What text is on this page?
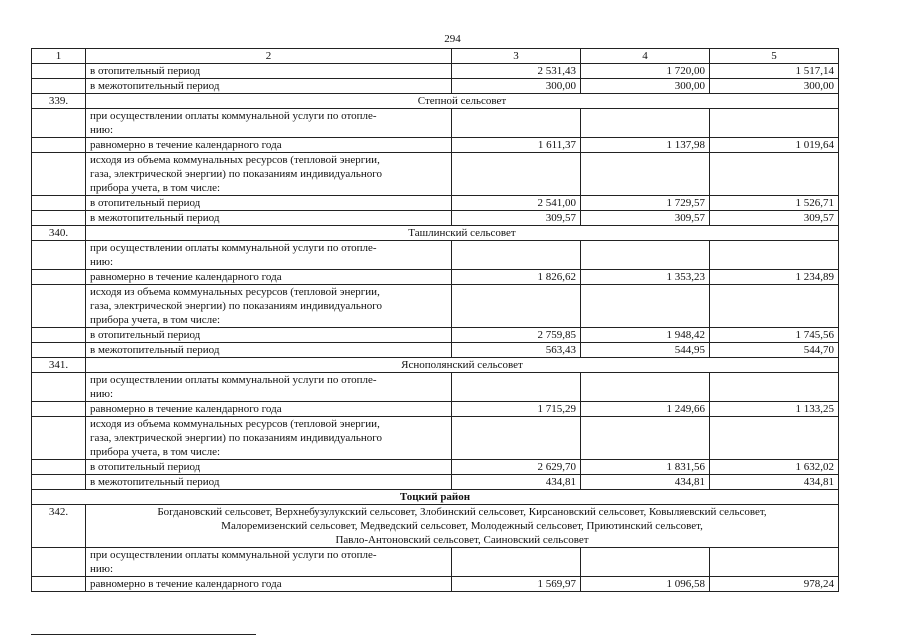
294
1	2	3	4	5
	в отопительный период	2 531,43	1 720,00	1 517,14
	в межотопительный период	300,00	300,00	300,00
339.	Степной сельсовет			

	при осуществлении оплаты коммунальной услуги по отопле-
нию:			

	равномерно в течение календарного года	1 611,37	1 137,98	1 019,64

	исходя из объема коммунальных ресурсов (тепловой энергии,
газа, электрической энергии) по показаниям индивидуального
прибора учета, в том числе:			

	в отопительный период	2 541,00	1 729,57	1 526,71
	в межотопительный период	309,57	309,57	309,57
340.	Ташлинский сельсовет			

	при осуществлении оплаты коммунальной услуги по отопле-
нию:			

	равномерно в течение календарного года	1 826,62	1 353,23	1 234,89

	исходя из объема коммунальных ресурсов (тепловой энергии,
газа, электрической энергии) по показаниям индивидуального
прибора учета, в том числе:			

	в отопительный период	2 759,85	1 948,42	1 745,56
	в межотопительный период	563,43	544,95	544,70
341.	Яснополянский сельсовет			

	при осуществлении оплаты коммунальной услуги по отопле-
нию:			

	равномерно в течение календарного года	1 715,29	1 249,66	1 133,25

	исходя из объема коммунальных ресурсов (тепловой энергии,
газа, электрической энергии) по показаниям индивидуального
прибора учета, в том числе:			

	в отопительный период	2 629,70	1 831,56	1 632,02
	в межотопительный период	434,81	434,81	434,81
Тоцкий район				
342.	Богдановский сельсовет, Верхнебузулукский сельсовет, Злобинский сельсовет, Кирсановский сельсовет, Ковыляевский сельсовет,
Малоремизенский сельсовет, Медведский сельсовет, Молодежный сельсовет, Приютинский сельсовет,
Павло-Антоновский сельсовет, Саиновский сельсовет			

	при осуществлении оплаты коммунальной услуги по отопле-
нию:			

	равномерно в течение календарного года	1 569,97	1 096,58	978,24
